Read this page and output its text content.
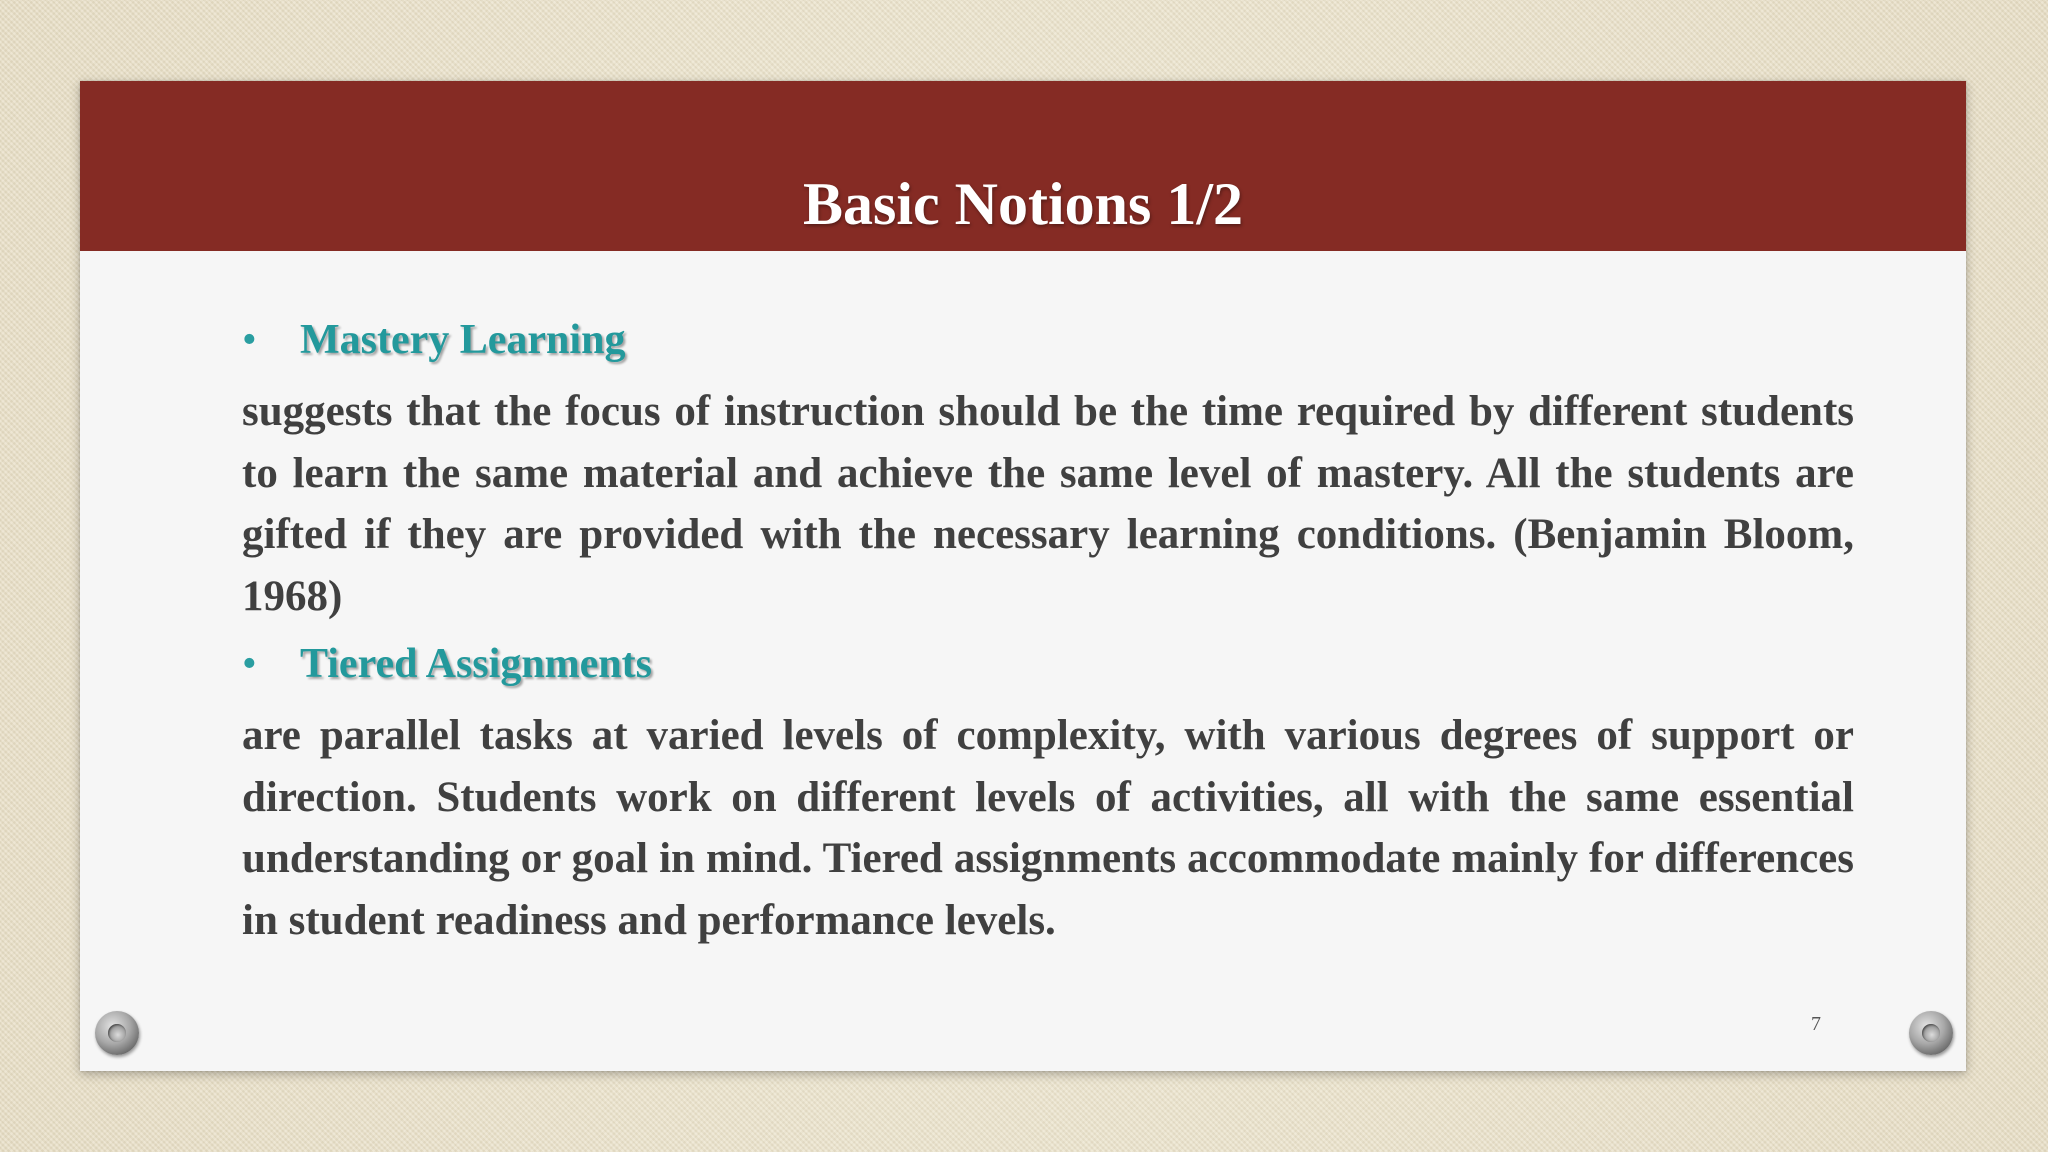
Basic Notions 1/2
•	Mastery Learning

suggests that the focus of instruction should be the time required by different students to learn the same material and achieve the same level of mastery. All the students are gifted if they are provided with the necessary learning conditions. (Benjamin Bloom, 1968)

•	Tiered Assignments

are parallel tasks at varied levels of complexity, with various degrees of support or direction. Students work on different levels of activities, all with the same essential understanding or goal in mind. Tiered assignments accommodate mainly for differences in student readiness and performance levels.

7
